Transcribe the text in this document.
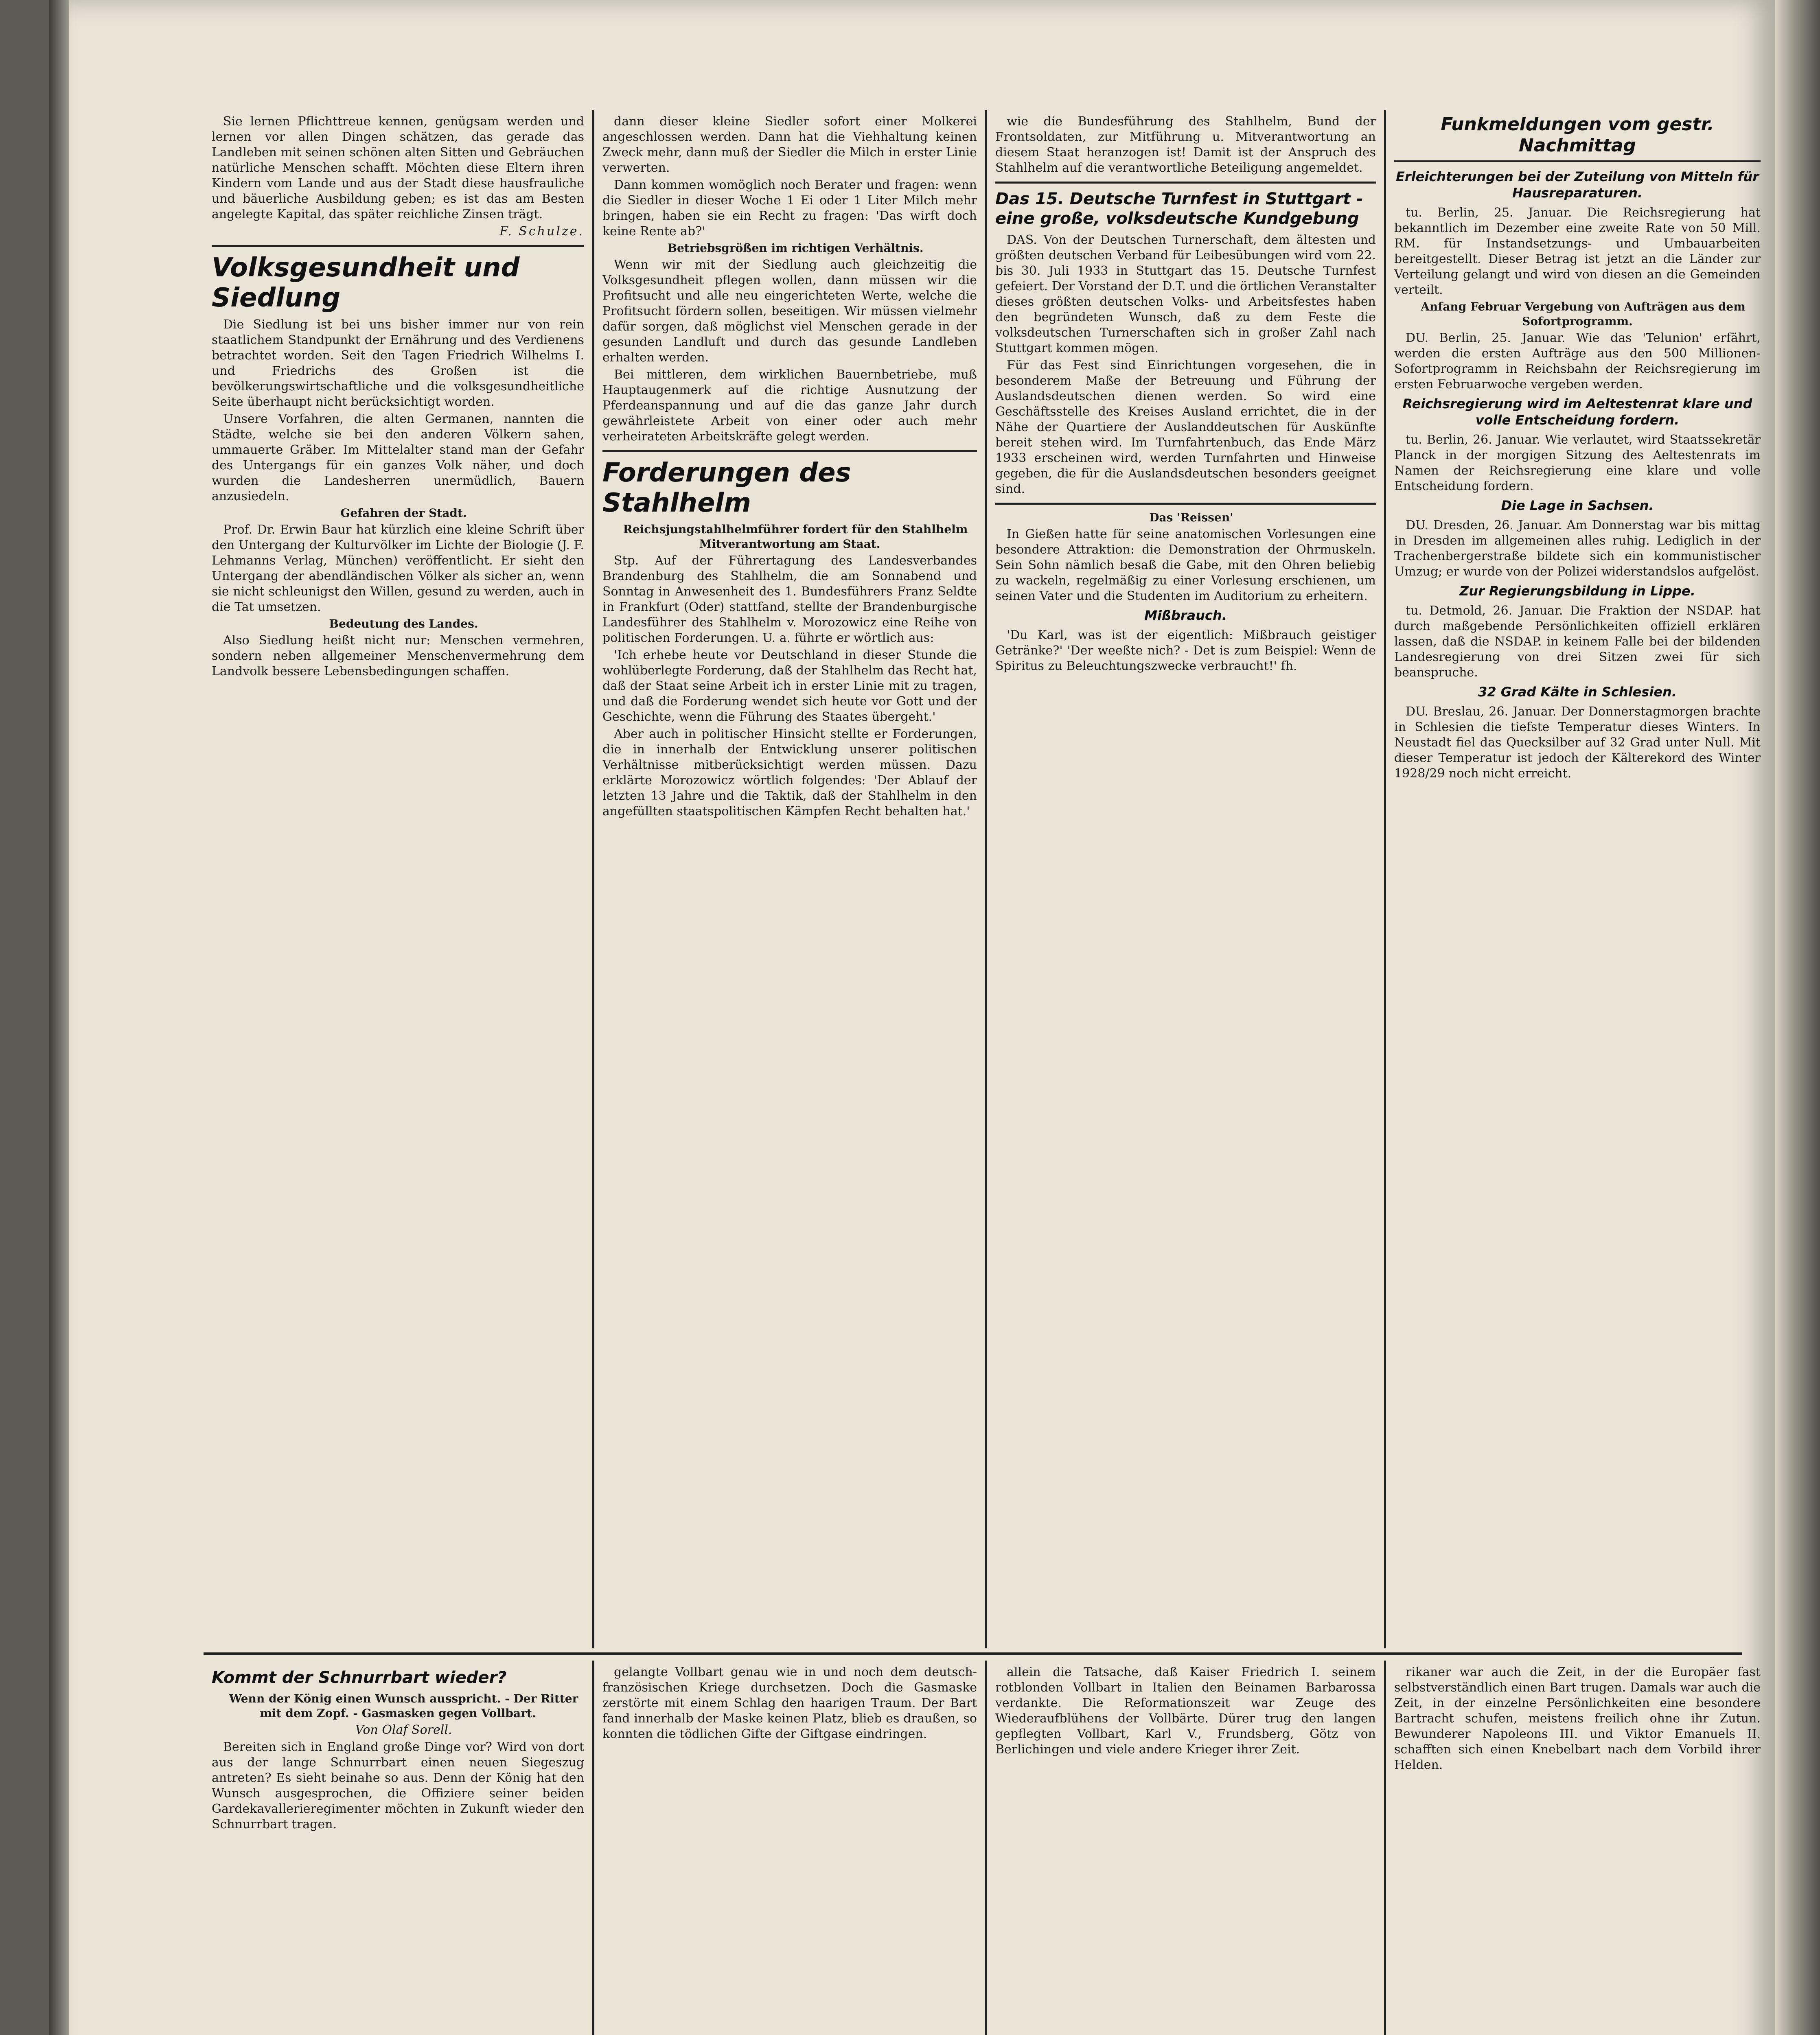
Sie lernen Pflichttreue kennen, genügsam werden und lernen vor allen Dingen schätzen, das gerade das Landleben mit seinen schönen alten Sitten und Gebräuchen natürliche Menschen schafft. Möchten diese Eltern ihren Kindern vom Lande und aus der Stadt diese hausfrauliche und bäuerliche Ausbildung geben; es ist das am Besten angelegte Kapital, das später reichliche Zinsen trägt.

F. Schulze.

Volksgesundheit und Siedlung

Die Siedlung ist bei uns bisher immer nur von rein staatlichem Standpunkt der Ernährung und des Verdienens betrachtet worden. Seit den Tagen Friedrich Wilhelms I. und Friedrichs des Großen ist die bevölkerungswirtschaftliche und die volksgesundheitliche Seite überhaupt nicht berücksichtigt worden.

Unsere Vorfahren, die alten Germanen, nannten die Städte, welche sie bei den anderen Völkern sahen, ummauerte Gräber. Im Mittelalter stand man der Gefahr des Untergangs für ein ganzes Volk näher, und doch wurden die Landesherren unermüdlich, Bauern anzusiedeln.

Gefahren der Stadt.

Prof. Dr. Erwin Baur hat kürzlich eine kleine Schrift über den Untergang der Kulturvölker im Lichte der Biologie (J. F. Lehmanns Verlag, München) veröffentlicht. Er sieht den Untergang der abendländischen Völker als sicher an, wenn sie nicht schleunigst den Willen, gesund zu werden, auch in die Tat umsetzen.

Bedeutung des Landes.

Also Siedlung heißt nicht nur: Menschen vermehren, sondern neben allgemeiner Menschenvermehrung dem Landvolk bessere Lebensbedingungen schaffen.

dann dieser kleine Siedler sofort einer Molkerei angeschlossen werden. Dann hat die Viehhaltung keinen Zweck mehr, dann muß der Siedler die Milch in erster Linie verwerten.

Dann kommen womöglich noch Berater und fragen: wenn die Siedler in dieser Woche 1 Ei oder 1 Liter Milch mehr bringen, haben sie ein Recht zu fragen: 'Das wirft doch keine Rente ab?'

Betriebsgrößen im richtigen Verhältnis.

Wenn wir mit der Siedlung auch gleichzeitig die Volksgesundheit pflegen wollen, dann müssen wir die Profitsucht und alle neu eingerichteten Werte, welche die Profitsucht fördern sollen, beseitigen. Wir müssen vielmehr dafür sorgen, daß möglichst viel Menschen gerade in der gesunden Landluft und durch das gesunde Landleben erhalten werden.

Bei mittleren, dem wirklichen Bauernbetriebe, muß Hauptaugenmerk auf die richtige Ausnutzung der Pferdeanspannung und auf die das ganze Jahr durch gewährleistete Arbeit von einer oder auch mehr verheirateten Arbeitskräfte gelegt werden.

Forderungen des Stahlhelm

Reichsjungstahlhelmführer fordert für den Stahlhelm Mitverantwortung am Staat.

Stp. Auf der Führertagung des Landesverbandes Brandenburg des Stahlhelm, die am Sonnabend und Sonntag in Anwesenheit des 1. Bundesführers Franz Seldte in Frankfurt (Oder) stattfand, stellte der Brandenburgische Landesführer des Stahlhelm v. Morozowicz eine Reihe von politischen Forderungen. U. a. führte er wörtlich aus:

'Ich erhebe heute vor Deutschland in dieser Stunde die wohlüberlegte Forderung, daß der Stahlhelm das Recht hat, daß der Staat seine Arbeit ich in erster Linie mit zu tragen, und daß die Forderung wendet sich heute vor Gott und der Geschichte, wenn die Führung des Staates übergeht.'

Aber auch in politischer Hinsicht stellte er Forderungen, die in innerhalb der Entwicklung unserer politischen Verhältnisse mitberücksichtigt werden müssen. Dazu erklärte Morozowicz wörtlich folgendes: 'Der Ablauf der letzten 13 Jahre und die Taktik, daß der Stahlhelm in den angefüllten staatspolitischen Kämpfen Recht behalten hat.'

wie die Bundesführung des Stahlhelm, Bund der Frontsoldaten, zur Mitführung u. Mitverantwortung an diesem Staat heranzogen ist! Damit ist der Anspruch des Stahlhelm auf die verantwortliche Beteiligung angemeldet.

Das 15. Deutsche Turnfest in Stuttgart - eine große, volksdeutsche Kundgebung

DAS. Von der Deutschen Turnerschaft, dem ältesten und größten deutschen Verband für Leibesübungen wird vom 22. bis 30. Juli 1933 in Stuttgart das 15. Deutsche Turnfest gefeiert. Der Vorstand der D.T. und die örtlichen Veranstalter dieses größten deutschen Volks- und Arbeitsfestes haben den begründeten Wunsch, daß zu dem Feste die volksdeutschen Turnerschaften sich in großer Zahl nach Stuttgart kommen mögen.

Für das Fest sind Einrichtungen vorgesehen, die in besonderem Maße der Betreuung und Führung der Auslandsdeutschen dienen werden. So wird eine Geschäftsstelle des Kreises Ausland errichtet, die in der Nähe der Quartiere der Auslanddeutschen für Auskünfte bereit stehen wird. Im Turnfahrtenbuch, das Ende März 1933 erscheinen wird, werden Turnfahrten und Hinweise gegeben, die für die Auslandsdeutschen besonders geeignet sind.

Das 'Reissen'

In Gießen hatte für seine anatomischen Vorlesungen eine besondere Attraktion: die Demonstration der Ohrmuskeln. Sein Sohn nämlich besaß die Gabe, mit den Ohren beliebig zu wackeln, regelmäßig zu einer Vorlesung erschienen, um seinen Vater und die Studenten im Auditorium zu erheitern.

Mißbrauch.

'Du Karl, was ist der eigentlich: Mißbrauch geistiger Getränke?' 'Der weeßte nich? - Det is zum Beispiel: Wenn de Spiritus zu Beleuchtungszwecke verbraucht!' fh.

Funkmeldungen vom gestr. Nachmittag
Erleichterungen bei der Zuteilung von Mitteln für Hausreparaturen.

tu. Berlin, 25. Januar. Die Reichsregierung hat bekanntlich im Dezember eine zweite Rate von 50 Mill. RM. für Instandsetzungs- und Umbauarbeiten bereitgestellt. Dieser Betrag ist jetzt an die Länder zur Verteilung gelangt und wird von diesen an die Gemeinden verteilt.

Anfang Februar Vergebung von Aufträgen aus dem Sofortprogramm.

DU. Berlin, 25. Januar. Wie das 'Telunion' erfährt, werden die ersten Aufträge aus den 500 Millionen-Sofortprogramm in Reichsbahn der Reichsregierung im ersten Februarwoche vergeben werden.

Reichsregierung wird im Aeltestenrat klare und volle Entscheidung fordern.

tu. Berlin, 26. Januar. Wie verlautet, wird Staatssekretär Planck in der morgigen Sitzung des Aeltestenrats im Namen der Reichsregierung eine klare und volle Entscheidung fordern.

Die Lage in Sachsen.

DU. Dresden, 26. Januar. Am Donnerstag war bis mittag in Dresden im allgemeinen alles ruhig. Lediglich in der Trachenbergerstraße bildete sich ein kommunistischer Umzug; er wurde von der Polizei widerstandslos aufgelöst.

Zur Regierungsbildung in Lippe.

tu. Detmold, 26. Januar. Die Fraktion der NSDAP. hat durch maßgebende Persönlichkeiten offiziell erklären lassen, daß die NSDAP. in keinem Falle bei der bildenden Landesregierung von drei Sitzen zwei für sich beanspruche.

32 Grad Kälte in Schlesien.

DU. Breslau, 26. Januar. Der Donnerstagmorgen brachte in Schlesien die tiefste Temperatur dieses Winters. In Neustadt fiel das Quecksilber auf 32 Grad unter Null. Mit dieser Temperatur ist jedoch der Kälterekord des Winter 1928/29 noch nicht erreicht.

Kommt der Schnurrbart wieder?

Wenn der König einen Wunsch ausspricht. - Der Ritter mit dem Zopf. - Gasmasken gegen Vollbart.

Von Olaf Sorell.

Bereiten sich in England große Dinge vor? Wird von dort aus der lange Schnurrbart einen neuen Siegeszug antreten? Es sieht beinahe so aus. Denn der König hat den Wunsch ausgesprochen, die Offiziere seiner beiden Gardekavallerieregimenter möchten in Zukunft wieder den Schnurrbart tragen.

gelangte Vollbart genau wie in und noch dem deutsch-französischen Kriege durchsetzen. Doch die Gasmaske zerstörte mit einem Schlag den haarigen Traum. Der Bart fand innerhalb der Maske keinen Platz, blieb es draußen, so konnten die tödlichen Gifte der Giftgase eindringen.

allein die Tatsache, daß Kaiser Friedrich I. seinem rotblonden Vollbart in Italien den Beinamen Barbarossa verdankte. Die Reformationszeit war Zeuge des Wiederaufblühens der Vollbärte. Dürer trug den langen gepflegten Vollbart, Karl V., Frundsberg, Götz von Berlichingen und viele andere Krieger ihrer Zeit.

rikaner war auch die Zeit, in der die Europäer fast selbstverständlich einen Bart trugen. Damals war auch die Zeit, in der einzelne Persönlichkeiten eine besondere Bartracht schufen, meistens freilich ohne ihr Zutun. Bewunderer Napoleons III. und Viktor Emanuels II. schafften sich einen Knebelbart nach dem Vorbild ihrer Helden.
